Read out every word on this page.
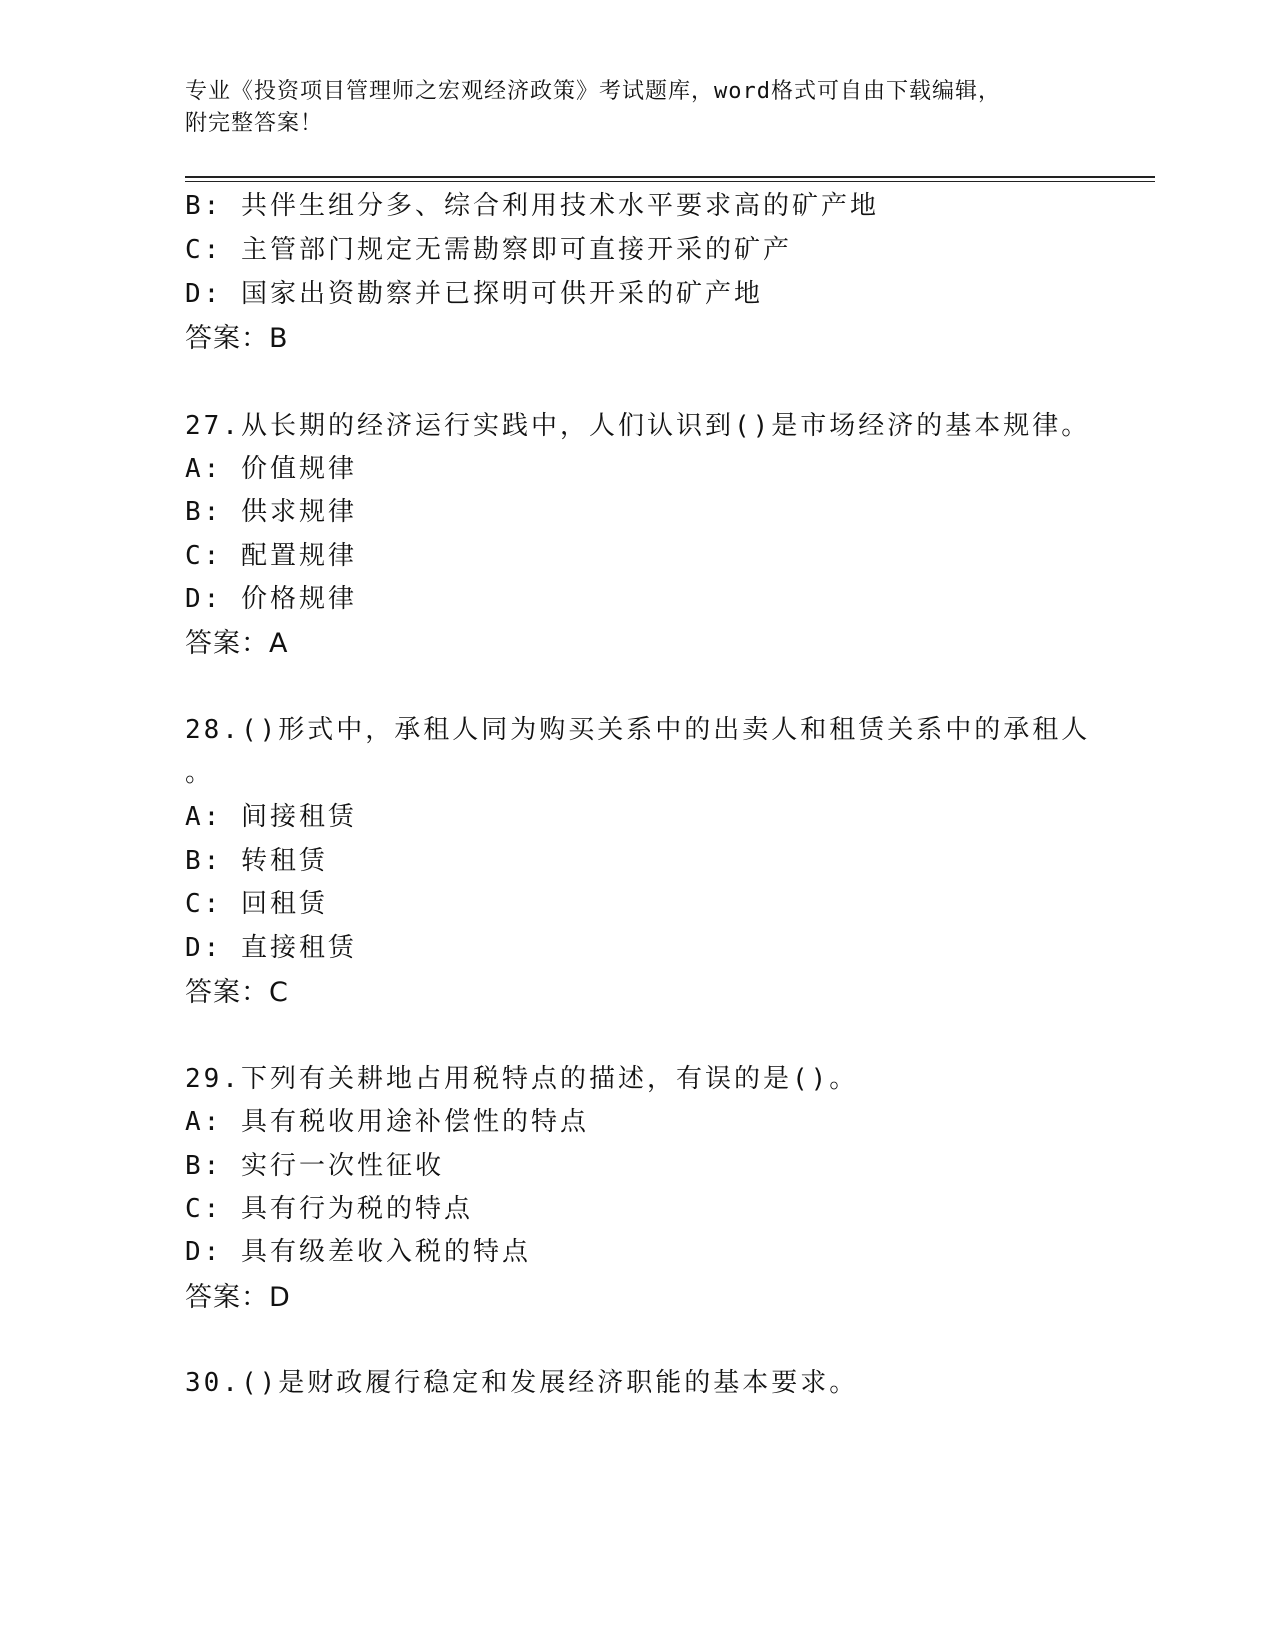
专业《投资项目管理师之宏观经济政策》考试题库，word格式可自由下载编辑，
附完整答案！
B: 共伴生组分多、综合利用技术水平要求高的矿产地
C: 主管部门规定无需勘察即可直接开采的矿产
D: 国家出资勘察并已探明可供开采的矿产地
答案：B
27.从长期的经济运行实践中，人们认识到()是市场经济的基本规律。
A: 价值规律
B: 供求规律
C: 配置规律
D: 价格规律
答案：A
28.()形式中，承租人同为购买关系中的出卖人和租赁关系中的承租人
。
A: 间接租赁
B: 转租赁
C: 回租赁
D: 直接租赁
答案：C
29.下列有关耕地占用税特点的描述，有误的是()。
A: 具有税收用途补偿性的特点
B: 实行一次性征收
C: 具有行为税的特点
D: 具有级差收入税的特点
答案：D
30.()是财政履行稳定和发展经济职能的基本要求。
